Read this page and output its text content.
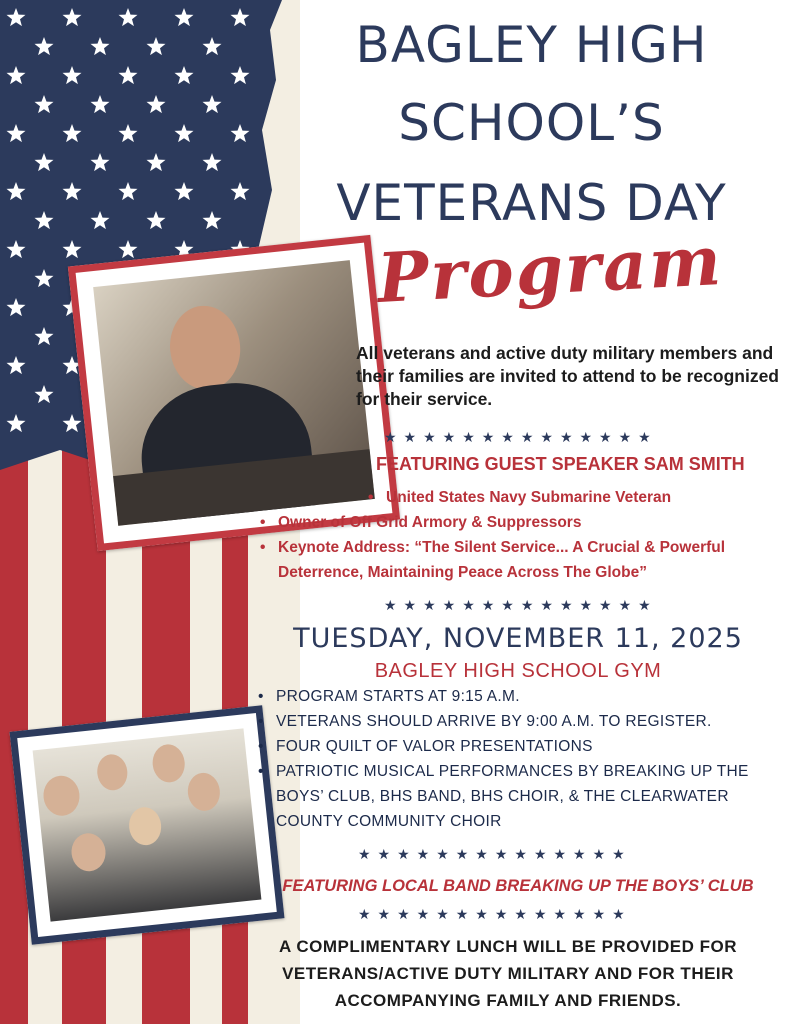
BAGLEY HIGH
SCHOOL’S
VETERANS DAY
Program
All veterans and active duty military members and their families are invited to attend to be recognized for their service.
★★★★★★★★★★★★★★
FEATURING GUEST SPEAKER SAM SMITH
• United States Navy Submarine Veteran
• Owner of Off Grid Armory & Suppressors
• Keynote Address: “The Silent Service... A Crucial & Powerful Deterrence, Maintaining Peace Across The Globe”
★★★★★★★★★★★★★★
TUESDAY, NOVEMBER 11, 2025
BAGLEY HIGH SCHOOL GYM
• PROGRAM STARTS AT 9:15 A.M.
• VETERANS SHOULD ARRIVE BY 9:00 A.M. TO REGISTER.
• FOUR QUILT OF VALOR PRESENTATIONS
• PATRIOTIC MUSICAL PERFORMANCES BY BREAKING UP THE BOYS’ CLUB, BHS BAND, BHS CHOIR, & THE CLEARWATER COUNTY COMMUNITY CHOIR
★★★★★★★★★★★★★★
FEATURING LOCAL BAND BREAKING UP THE BOYS’ CLUB
★★★★★★★★★★★★★★
A COMPLIMENTARY LUNCH WILL BE PROVIDED FOR VETERANS/ACTIVE DUTY MILITARY AND FOR THEIR ACCOMPANYING FAMILY AND FRIENDS.
